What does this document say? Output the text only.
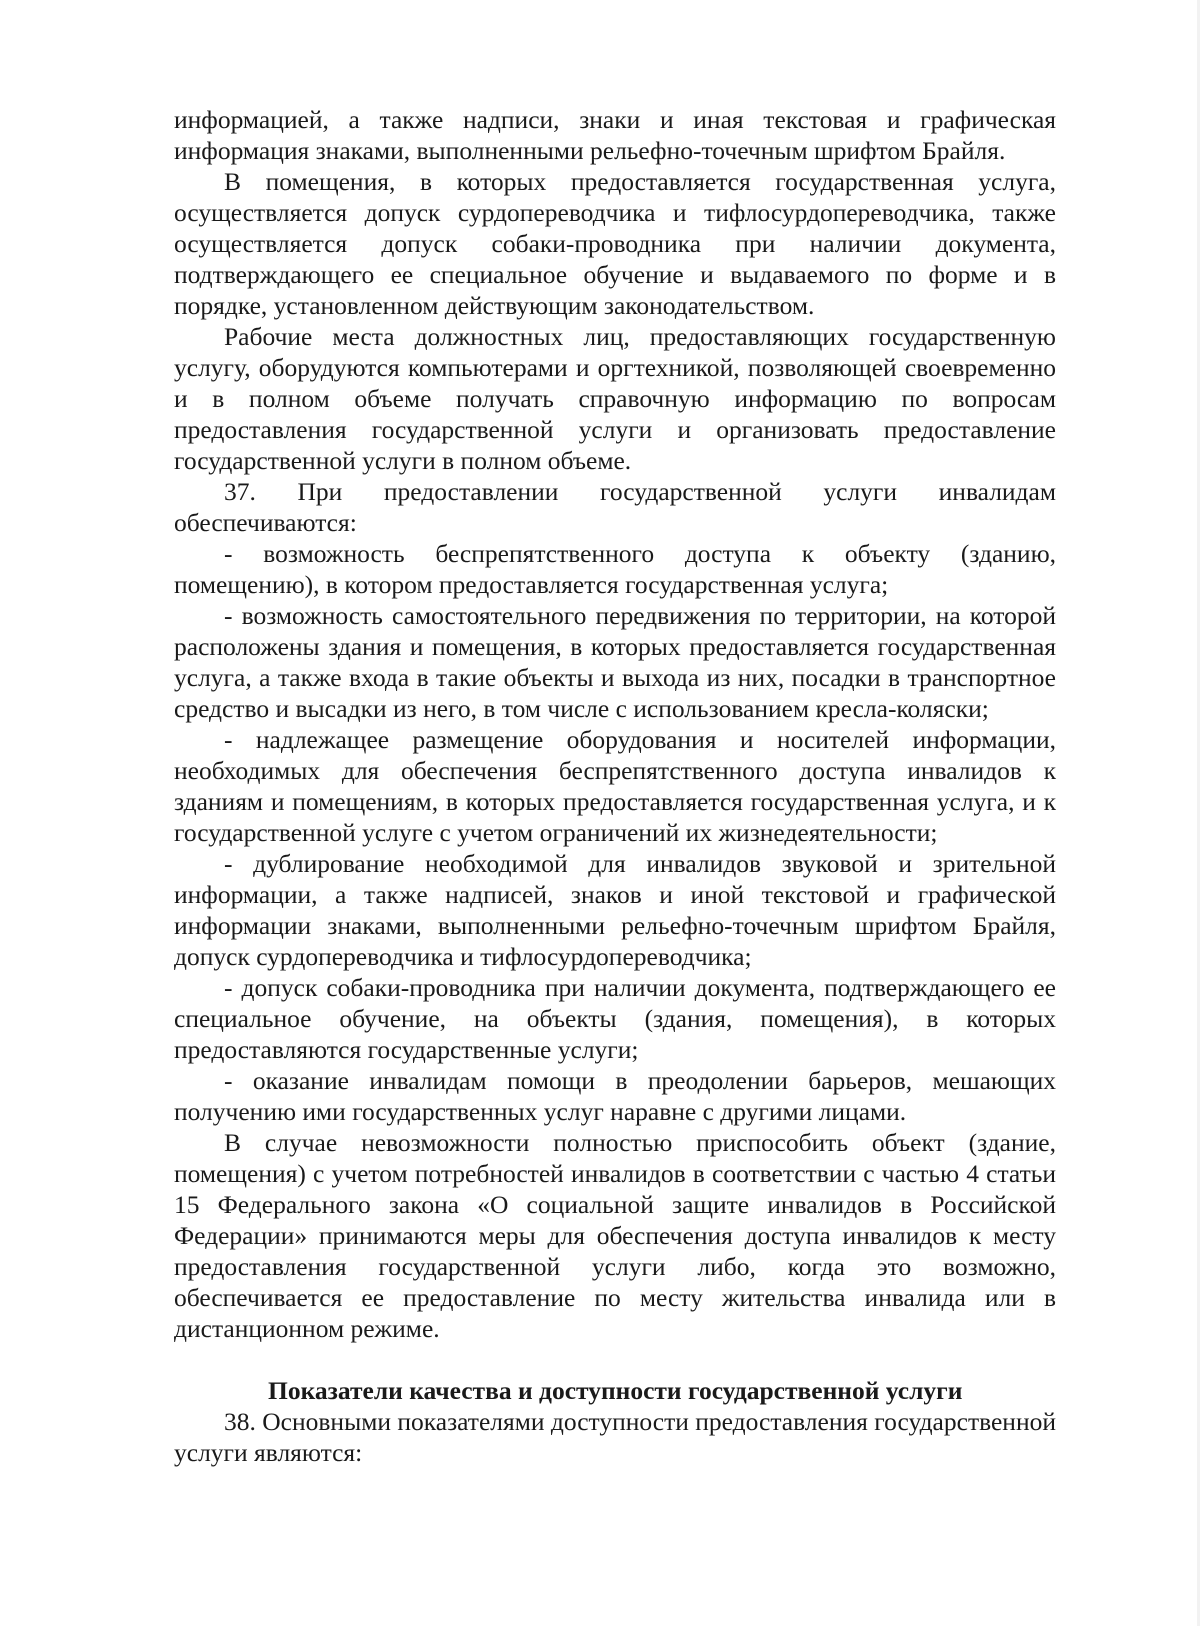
информацией, а также надписи, знаки и иная текстовая и графическая информация знаками, выполненными рельефно-точечным шрифтом Брайля.

В помещения, в которых предоставляется государственная услуга, осуществляется допуск сурдопереводчика и тифлосурдопереводчика, также осуществляется допуск собаки-проводника при наличии документа, подтверждающего ее специальное обучение и выдаваемого по форме и в порядке, установленном действующим законодательством.

Рабочие места должностных лиц, предоставляющих государственную услугу, оборудуются компьютерами и оргтехникой, позволяющей своевременно и в полном объеме получать справочную информацию по вопросам предоставления государственной услуги и организовать предоставление государственной услуги в полном объеме.

37. При предоставлении государственной услуги инвалидам обеспечиваются:

- возможность беспрепятственного доступа к объекту (зданию, помещению), в котором предоставляется государственная услуга;

- возможность самостоятельного передвижения по территории, на которой расположены здания и помещения, в которых предоставляется государственная услуга, а также входа в такие объекты и выхода из них, посадки в транспортное средство и высадки из него, в том числе с использованием кресла-коляски;

- надлежащее размещение оборудования и носителей информации, необходимых для обеспечения беспрепятственного доступа инвалидов к зданиям и помещениям, в которых предоставляется государственная услуга, и к государственной услуге с учетом ограничений их жизнедеятельности;

- дублирование необходимой для инвалидов звуковой и зрительной информации, а также надписей, знаков и иной текстовой и графической информации знаками, выполненными рельефно-точечным шрифтом Брайля, допуск сурдопереводчика и тифлосурдопереводчика;

- допуск собаки-проводника при наличии документа, подтверждающего ее специальное обучение, на объекты (здания, помещения), в которых предоставляются государственные услуги;

- оказание инвалидам помощи в преодолении барьеров, мешающих получению ими государственных услуг наравне с другими лицами.

В случае невозможности полностью приспособить объект (здание, помещения) с учетом потребностей инвалидов в соответствии с частью 4 статьи 15 Федерального закона «О социальной защите инвалидов в Российской Федерации» принимаются меры для обеспечения доступа инвалидов к месту предоставления государственной услуги либо, когда это возможно, обеспечивается ее предоставление по месту жительства инвалида или в дистанционном режиме.

Показатели качества и доступности государственной услуги

38. Основными показателями доступности предоставления государственной услуги являются:
